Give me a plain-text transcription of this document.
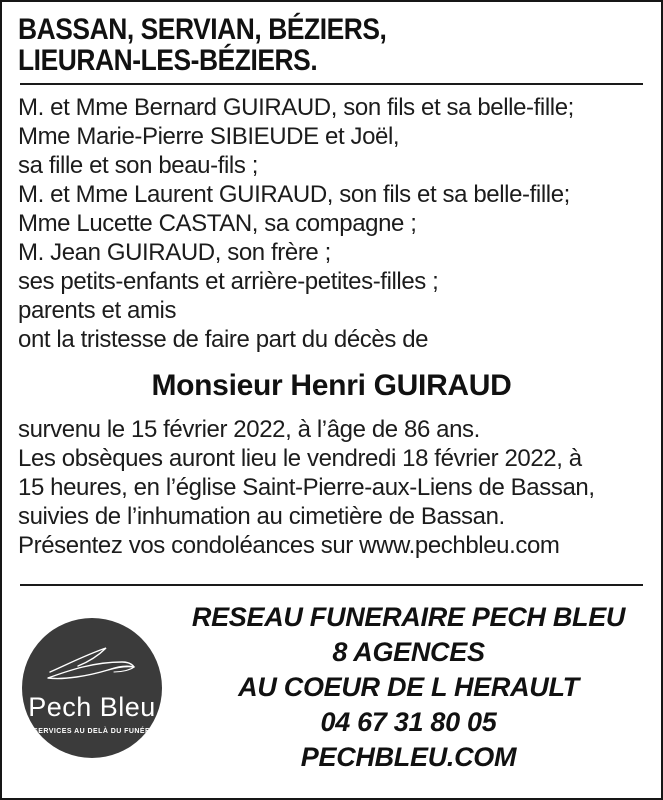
BASSAN, SERVIAN, BÉZIERS,
LIEURAN-LES-BÉZIERS.

M. et Mme Bernard GUIRAUD, son fils et sa belle-fille;

Mme Marie-Pierre SIBIEUDE et Joël,

sa fille et son beau-fils ;

M. et Mme Laurent GUIRAUD, son fils et sa belle-fille;

Mme Lucette CASTAN, sa compagne ;

M. Jean GUIRAUD, son frère ;

ses petits-enfants et arrière-petites-filles ;

parents et amis

ont la tristesse de faire part du décès de

Monsieur Henri GUIRAUD

survenu le 15 février 2022, à l’âge de 86 ans.

Les obsèques auront lieu le vendredi 18 février 2022, à

15 heures, en l’église Saint-Pierre-aux-Liens de Bassan,

suivies de l’inhumation au cimetière de Bassan.

Présentez vos condoléances sur www.pechbleu.com

Pech Bleu
DES SERVICES AU DELÀ DU FUNÉRAIRE

RESEAU FUNERAIRE PECH BLEU

8 AGENCES

AU COEUR DE L HERAULT

04 67 31 80 05

PECHBLEU.COM
